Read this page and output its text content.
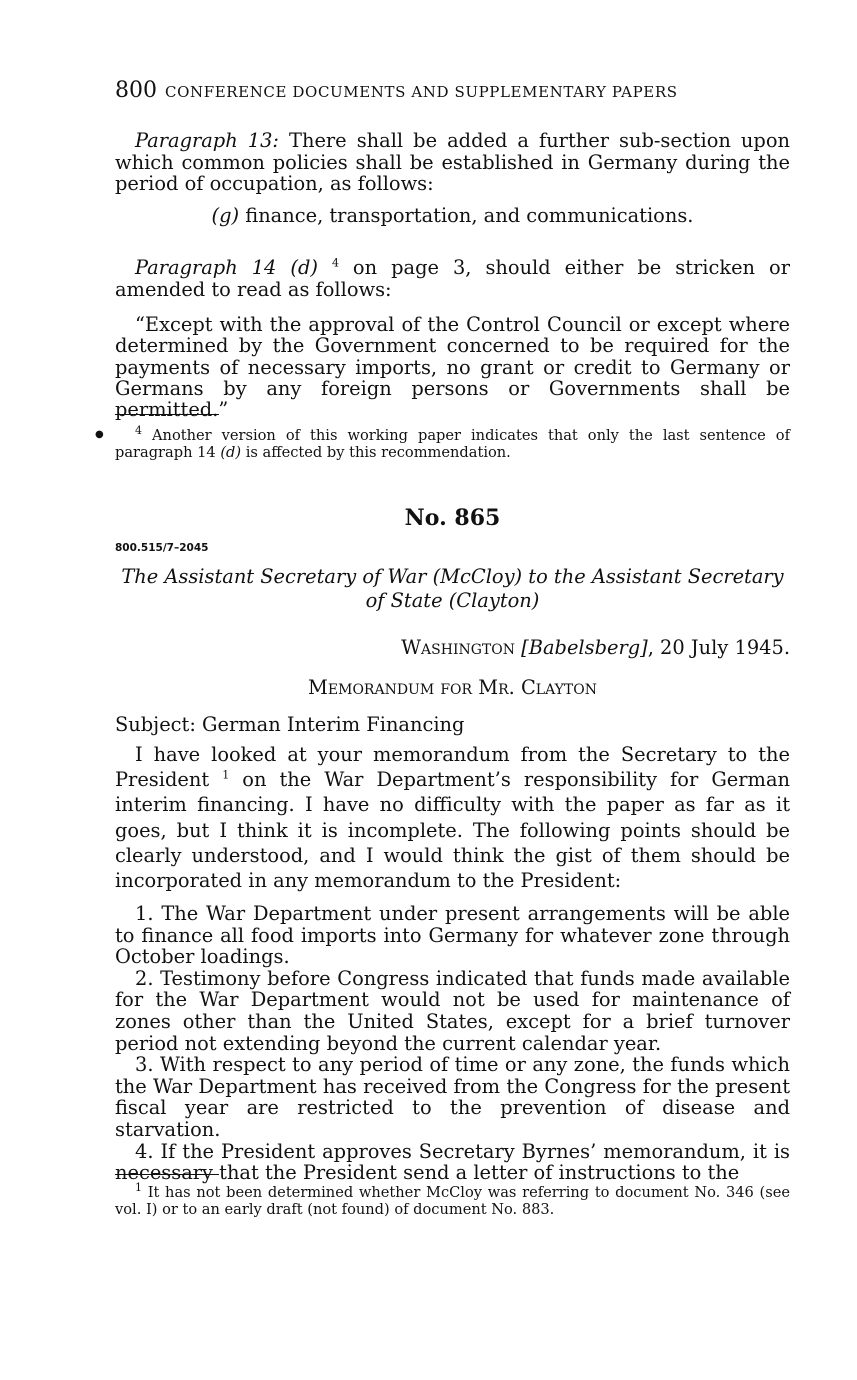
800 CONFERENCE DOCUMENTS AND SUPPLEMENTARY PAPERS

Paragraph 13: There shall be added a further sub-section upon which common policies shall be established in Germany during the period of occupation, as follows:

(g) finance, transportation, and communications.

Paragraph 14 (d) $^4$ on page 3, should either be stricken or amended to read as follows:

“Except with the approval of the Control Council or except where determined by the Government concerned to be required for the payments of necessary imports, no grant or credit to Germany or Germans by any foreign persons or Governments shall be permitted.”

●	$^4$ Another version of this working paper indicates that only the last sentence of paragraph 14 (d) is affected by this recommendation.

No. 865
800.515/7–2045
The Assistant Secretary of War (McCloy) to the Assistant Secretary
of State (Clayton)
Washington [Babelsberg], 20 July 1945.
Memorandum for Mr. Clayton
Subject: German Interim Financing

I have looked at your memorandum from the Secretary to the President $^1$ on the War Department’s responsibility for German interim financing. I have no difficulty with the paper as far as it goes, but I think it is incomplete. The following points should be clearly understood, and I would think the gist of them should be incorporated in any memorandum to the President:

1. The War Department under present arrangements will be able to finance all food imports into Germany for whatever zone through October loadings.

2. Testimony before Congress indicated that funds made available for the War Department would not be used for maintenance of zones other than the United States, except for a brief turnover period not extending beyond the current calendar year.

3. With respect to any period of time or any zone, the funds which the War Department has received from the Congress for the present fiscal year are restricted to the prevention of disease and starvation.

4. If the President approves Secretary Byrnes’ memorandum, it is necessary that the President send a letter of instructions to the

$^1$ It has not been determined whether McCloy was referring to document No. 346 (see vol. I) or to an early draft (not found) of document No. 883.
